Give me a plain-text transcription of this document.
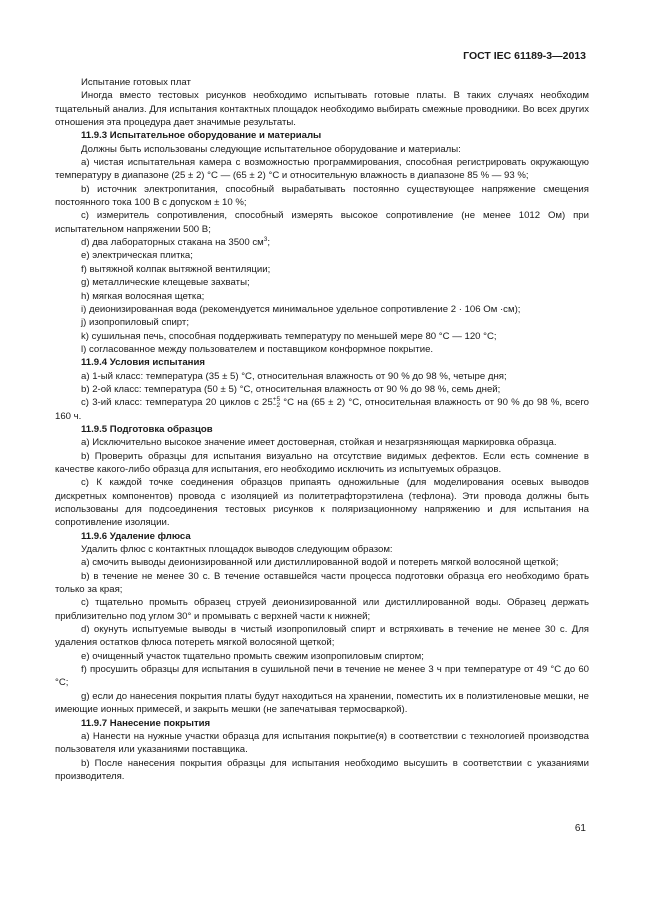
ГОСТ IEC 61189-3—2013

Испытание готовых плат

Иногда вместо тестовых рисунков необходимо испытывать готовые платы. В таких случаях необходим тщательный анализ. Для испытания контактных площадок необходимо выбирать смежные проводники. Во всех других отношения эта процедура дает значимые результаты.

11.9.3 Испытательное оборудование и материалы

Должны быть использованы следующие испытательное оборудование и материалы:

а) чистая испытательная камера с возможностью программирования, способная регистрировать окружающую температуру в диапазоне (25 ± 2) °С — (65 ± 2) °С и относительную влажность в диапазоне 85 % — 93 %;

b) источник электропитания, способный вырабатывать постоянно существующее напряжение смещения постоянного тока 100 В с допуском ± 10 %;

с) измеритель сопротивления, способный измерять высокое сопротивление (не менее 1012 Ом) при испытательном напряжении 500 В;

d) два лабораторных стакана на 3500 $см^3$;

е) электрическая плитка;

f) вытяжной колпак вытяжной вентиляции;

g) металлические клещевые захваты;

h) мягкая волосяная щетка;

i) деионизированная вода (рекомендуется минимальное удельное сопротивление 2 · 106 Ом ·см);

j) изопропиловый спирт;

k) сушильная печь, способная поддерживать температуру по меньшей мере 80 °С — 120 °С;

l) согласованное между пользователем и поставщиком конформное покрытие.

11.9.4 Условия испытания

а) 1-ый класс: температура (35 ± 5) °С, относительная влажность от 90 % до 98 %, четыре дня;

b) 2-ой класс: температура (50 ± 5) °С, относительная влажность от 90 % до 98 %, семь дней;

с) 3-ий класс: температура 20 циклов с 25 +5
−2 °С на (65 ± 2) °С, относительная влажность от 90 % до 98 %, всего 160 ч.

11.9.5 Подготовка образцов

а) Исключительно высокое значение имеет достоверная, стойкая и незагрязняющая маркировка образца.

b) Проверить образцы для испытания визуально на отсутствие видимых дефектов. Если есть сомнение в качестве какого-либо образца для испытания, его необходимо исключить из испытуемых образцов.

с) К каждой точке соединения образцов припаять одножильные (для моделирования осевых выводов дискретных компонентов) провода с изоляцией из политетрафторэтилена (тефлона). Эти провода должны быть использованы для подсоединения тестовых рисунков к поляризационному напряжению и для испытания на сопротивление изоляции.

11.9.6 Удаление флюса

Удалить флюс с контактных площадок выводов следующим образом:

а) смочить выводы деионизированной или дистиллированной водой и потереть мягкой волосяной щеткой;

b) в течение не менее 30 с. В течение оставшейся части процесса подготовки образца его необходимо брать только за края;

с) тщательно промыть образец струей деионизированной или дистиллированной воды. Образец держать приблизительно под углом 30° и промывать с верхней части к нижней;

d) окунуть испытуемые выводы в чистый изопропиловый спирт и встряхивать в течение не менее 30 с. Для удаления остатков флюса потереть мягкой волосяной щеткой;

е) очищенный участок тщательно промыть свежим изопропиловым спиртом;

f) просушить образцы для испытания в сушильной печи в течение не менее 3 ч при температуре от 49 °С до 60 °С;

g) если до нанесения покрытия платы будут находиться на хранении, поместить их в полиэтиленовые мешки, не имеющие ионных примесей, и закрыть мешки (не запечатывая термосваркой).

11.9.7 Нанесение покрытия

а) Нанести на нужные участки образца для испытания покрытие(я) в соответствии с технологией производства пользователя или указаниями поставщика.

b) После нанесения покрытия образцы для испытания необходимо высушить в соответствии с указаниями производителя.

61
